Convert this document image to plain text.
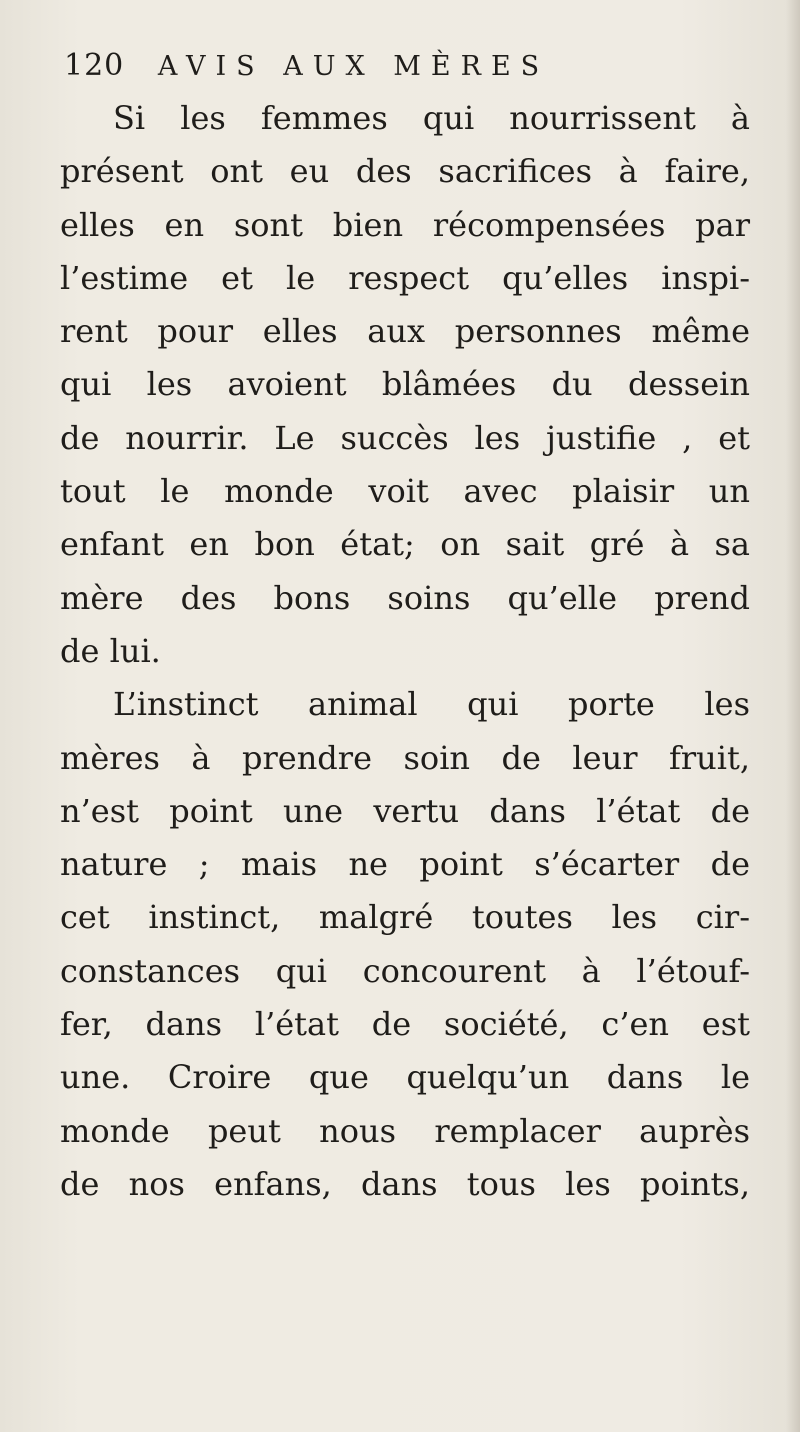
120 AVIS AUX MÈRES
Si les femmes qui nourrissent à
présent ont eu des sacrifices à faire,
elles en sont bien récompensées par
l’estime et le respect qu’elles inspi-
rent pour elles aux personnes même
qui les avoient blâmées du dessein
de nourrir. Le succès les justifie , et
tout le monde voit avec plaisir un
enfant en bon état; on sait gré à sa
mère des bons soins qu’elle prend
de lui.
L’instinct animal qui porte les
mères à prendre soin de leur fruit,
n’est point une vertu dans l’état de
nature ; mais ne point s’écarter de
cet instinct, malgré toutes les cir-
constances qui concourent à l’étouf-
fer, dans l’état de société, c’en est
une. Croire que quelqu’un dans le
monde peut nous remplacer auprès
de nos enfans, dans tous les points,
